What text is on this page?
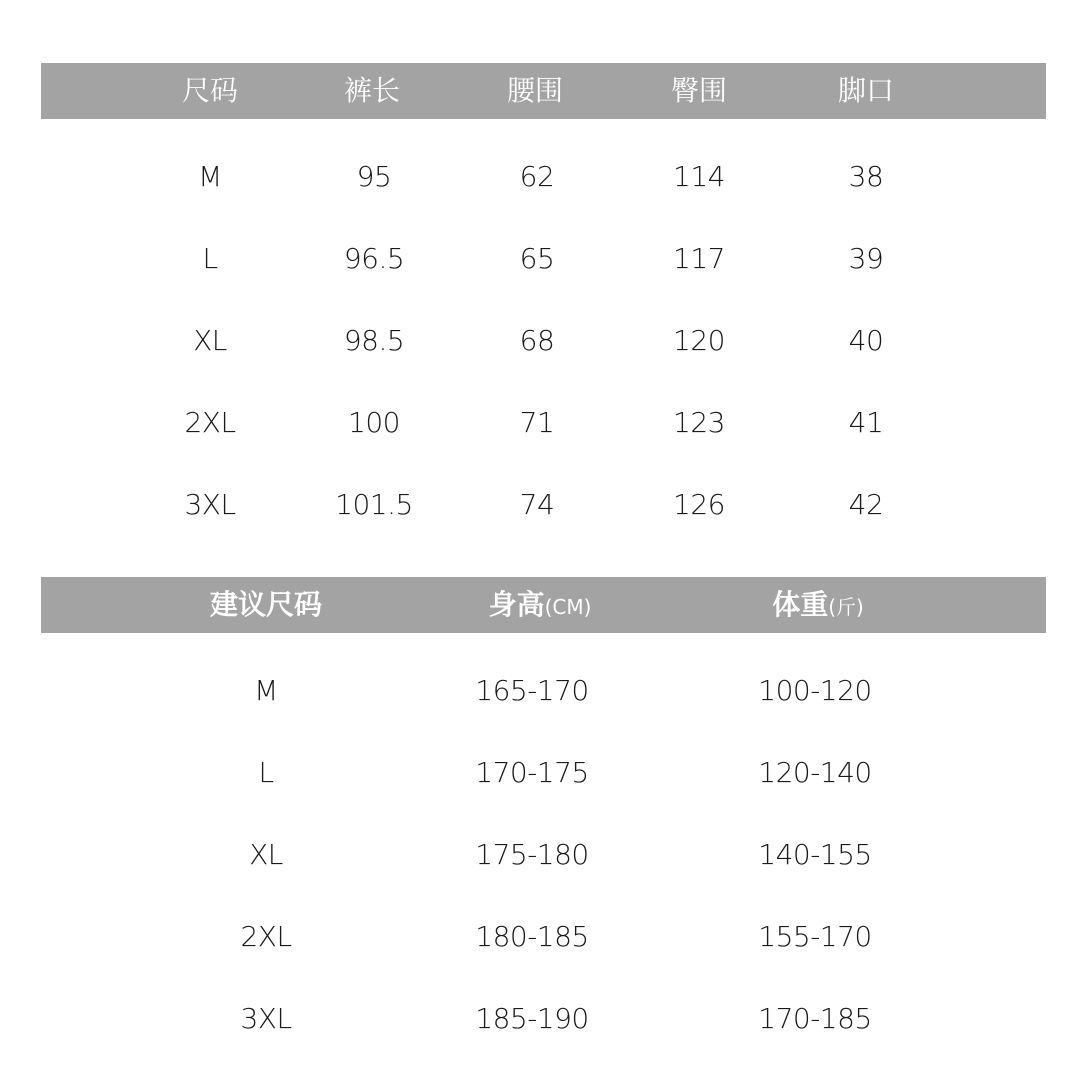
尺码	裤长	腰围	臀围	脚口
M	95	62	114	38
L	96.5	65	117	39
XL	98.5	68	120	40
2XL	100	71	123	41
3XL	101.5	74	126	42
建议尺码	身高(CM)	体重(斤)
M	165-170	100-120
L	170-175	120-140
XL	175-180	140-155
2XL	180-185	155-170
3XL	185-190	170-185
